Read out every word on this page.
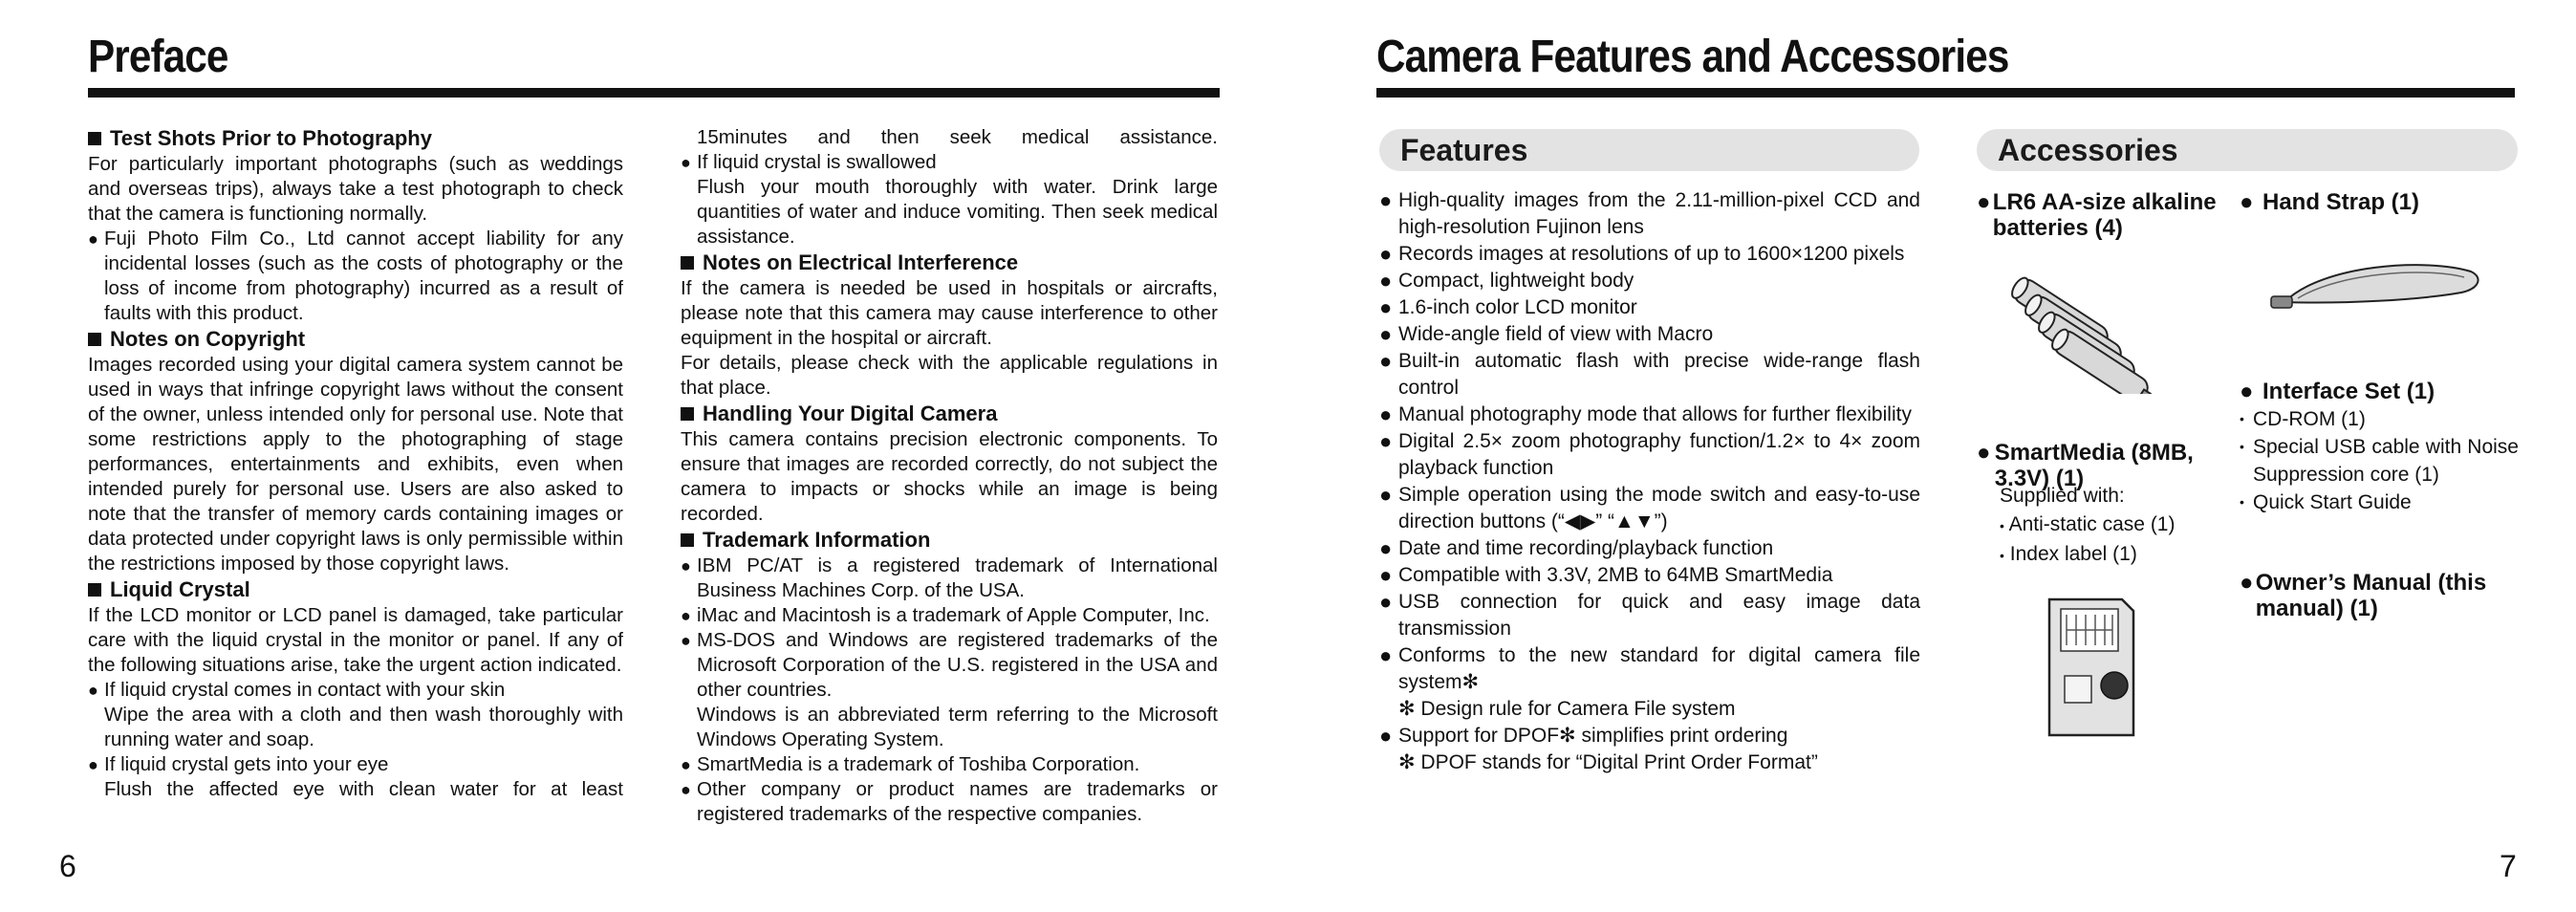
Preface

Test Shots Prior to Photography

For particularly important photographs (such as weddings and overseas trips), always take a test photograph to check that the camera is functioning normally.

● Fuji Photo Film Co., Ltd cannot accept liability for any incidental losses (such as the costs of photography or the loss of income from photography) incurred as a result of faults with this product.

Notes on Copyright

Images recorded using your digital camera system cannot be used in ways that infringe copyright laws without the consent of the owner, unless intended only for personal use. Note that some restrictions apply to the photographing of stage performances, entertainments and exhibits, even when intended purely for personal use. Users are also asked to note that the transfer of memory cards containing images or data protected under copyright laws is only permissible within the restrictions imposed by those copyright laws.

Liquid Crystal

If the LCD monitor or LCD panel is damaged, take particular care with the liquid crystal in the monitor or panel. If any of the following situations arise, take the urgent action indicated.

● If liquid crystal comes in contact with your skin

Wipe the area with a cloth and then wash thoroughly with running water and soap.

● If liquid crystal gets into your eye

Flush the affected eye with clean water for at least

15minutes and then seek medical assistance.

● If liquid crystal is swallowed

Flush your mouth thoroughly with water. Drink large quantities of water and induce vomiting. Then seek medical assistance.

Notes on Electrical Interference

If the camera is needed be used in hospitals or aircrafts, please note that this camera may cause interference to other equipment in the hospital or aircraft.

For details, please check with the applicable regulations in that place.

Handling Your Digital Camera

This camera contains precision electronic components. To ensure that images are recorded correctly, do not subject the camera to impacts or shocks while an image is being recorded.

Trademark Information

● IBM PC/AT is a registered trademark of International Business Machines Corp. of the USA.
● iMac and Macintosh is a trademark of Apple Computer, Inc.
● MS-DOS and Windows are registered trademarks of the Microsoft Corporation of the U.S. registered in the USA and other countries.

Windows is an abbreviated term referring to the Microsoft Windows Operating System.

● SmartMedia is a trademark of Toshiba Corporation.
● Other company or product names are trademarks or registered trademarks of the respective companies.
6
Camera Features and Accessories
Features	Accessories
● High-quality images from the 2.11-million-pixel CCD and high-resolution Fujinon lens
● Records images at resolutions of up to 1600×1200 pixels
● Compact, lightweight body
● 1.6-inch color LCD monitor
● Wide-angle field of view with Macro
● Built-in automatic flash with precise wide-range flash control
● Manual photography mode that allows for further flexibility
● Digital 2.5× zoom photography function/1.2× to 4× zoom playback function
● Simple operation using the mode switch and easy-to-use direction buttons (“◀▶” “▲▼”)
● Date and time recording/playback function
● Compatible with 3.3V, 2MB to 64MB SmartMedia
● USB connection for quick and easy image data transmission
● Conforms to the new standard for digital camera file system✻
✻ Design rule for Camera File system
● Support for DPOF✻ simplifies print ordering
✻ DPOF stands for “Digital Print Order Format”
● LR6 AA-size alkaline batteries (4)
● SmartMedia (8MB, 3.3V) (1)
Supplied with:
• Anti-static case (1)
• Index label (1)
● Hand Strap (1)
● Interface Set (1)
• CD-ROM (1)
• Special USB cable with Noise Suppression core (1)
• Quick Start Guide
● Owner’s Manual (this manual) (1)
7
